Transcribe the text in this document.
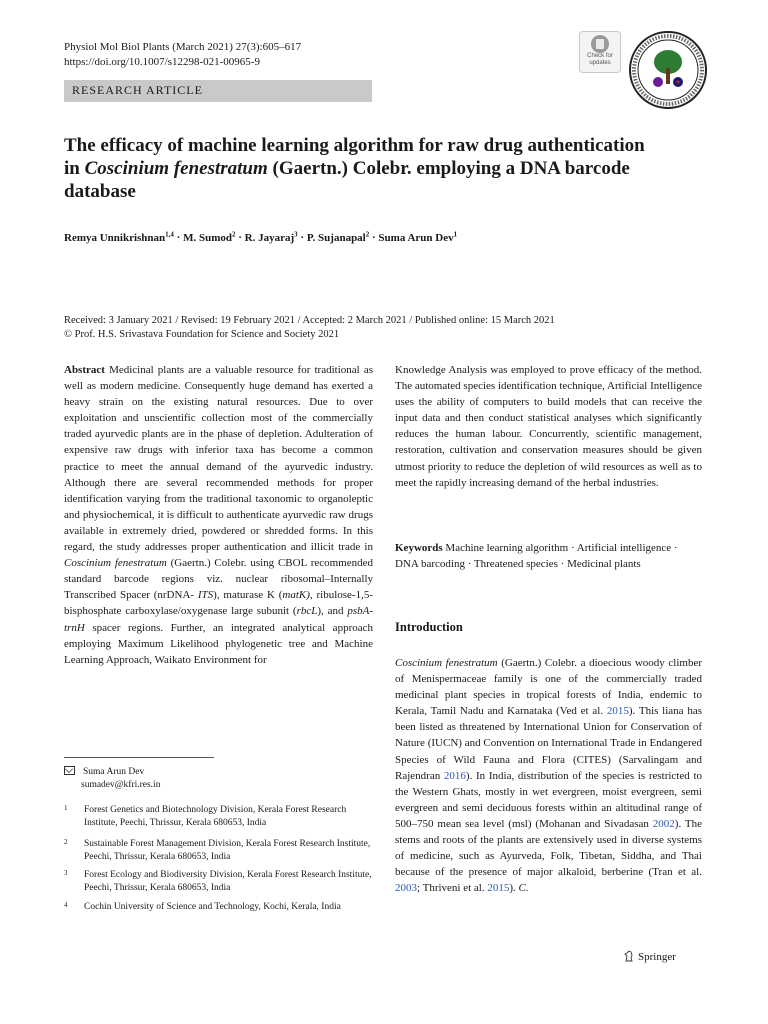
Physiol Mol Biol Plants (March 2021) 27(3):605–617
https://doi.org/10.1007/s12298-021-00965-9	Check for
updates
RESEARCH ARTICLE
The efficacy of machine learning algorithm for raw drug authentication in Coscinium fenestratum (Gaertn.) Colebr. employing a DNA barcode database
Remya Unnikrishnan$^{1,4}$ · M. Sumod$^2$ · R. Jayaraj$^3$ · P. Sujanapal$^2$ · Suma Arun Dev$^1$
Received: 3 January 2021 / Revised: 19 February 2021 / Accepted: 2 March 2021 / Published online: 15 March 2021
© Prof. H.S. Srivastava Foundation for Science and Society 2021

Abstract Medicinal plants are a valuable resource for traditional as well as modern medicine. Consequently huge demand has exerted a heavy strain on the existing natural resources. Due to over exploitation and unscientific collection most of the commercially traded ayurvedic plants are in the phase of depletion. Adulteration of expensive raw drugs with inferior taxa has become a common practice to meet the annual demand of the ayurvedic industry. Although there are several recommended methods for proper identification varying from the traditional taxonomic to organoleptic and physiochemical, it is difficult to authenticate ayurvedic raw drugs available in extremely dried, powdered or shredded forms. In this regard, the study addresses proper authentication and illicit trade in Coscinium fenestratum (Gaertn.) Colebr. using CBOL recommended standard barcode regions viz. nuclear ribosomal–Internally Transcribed Spacer (nrDNA- ITS), maturase K (matK), ribulose-1,5-bisphosphate carboxylase/oxygenase large subunit (rbcL), and psbA-trnH spacer regions. Further, an integrated analytical approach employing Maximum Likelihood phylogenetic tree and Machine Learning Approach, Waikato Environment for

Knowledge Analysis was employed to prove efficacy of the method. The automated species identification technique, Artificial Intelligence uses the ability of computers to build models that can receive the input data and then conduct statistical analyses which significantly reduces the human labour. Concurrently, scientific management, restoration, cultivation and conservation measures should be given utmost priority to reduce the depletion of wild resources as well as to meet the rapidly increasing demand of the herbal industries.

Keywords Machine learning algorithm · Artificial intelligence · DNA barcoding · Threatened species · Medicinal plants
Introduction

Coscinium fenestratum (Gaertn.) Colebr. a dioecious woody climber of Menispermaceae family is one of the commercially traded medicinal plant species in tropical forests of India, endemic to Kerala, Tamil Nadu and Karnataka (Ved et al. 2015). This liana has been listed as threatened by International Union for Conservation of Nature (IUCN) and Convention on International Trade in Endangered Species of Wild Fauna and Flora (CITES) (Sarvalingam and Rajendran 2016). In India, distribution of the species is restricted to the Western Ghats, mostly in wet evergreen, moist evergreen, semi evergreen and semi deciduous forests within an altitudinal range of 500–750 mean sea level (msl) (Mohanan and Sivadasan 2002). The stems and roots of the plants are extensively used in diverse systems of medicine, such as Ayurveda, Folk, Tibetan, Siddha, and Thai because of the presence of major alkaloid, berberine (Tran et al. 2003; Thriveni et al. 2015). C.

Suma Arun Dev
sumadev@kfri.res.in
1 Forest Genetics and Biotechnology Division, Kerala Forest Research Institute, Peechi, Thrissur, Kerala 680653, India
2 Sustainable Forest Management Division, Kerala Forest Research Institute, Peechi, Thrissur, Kerala 680653, India
3 Forest Ecology and Biodiversity Division, Kerala Forest Research Institute, Peechi, Thrissur, Kerala 680653, India
4 Cochin University of Science and Technology, Kochi, Kerala, India
Springer
